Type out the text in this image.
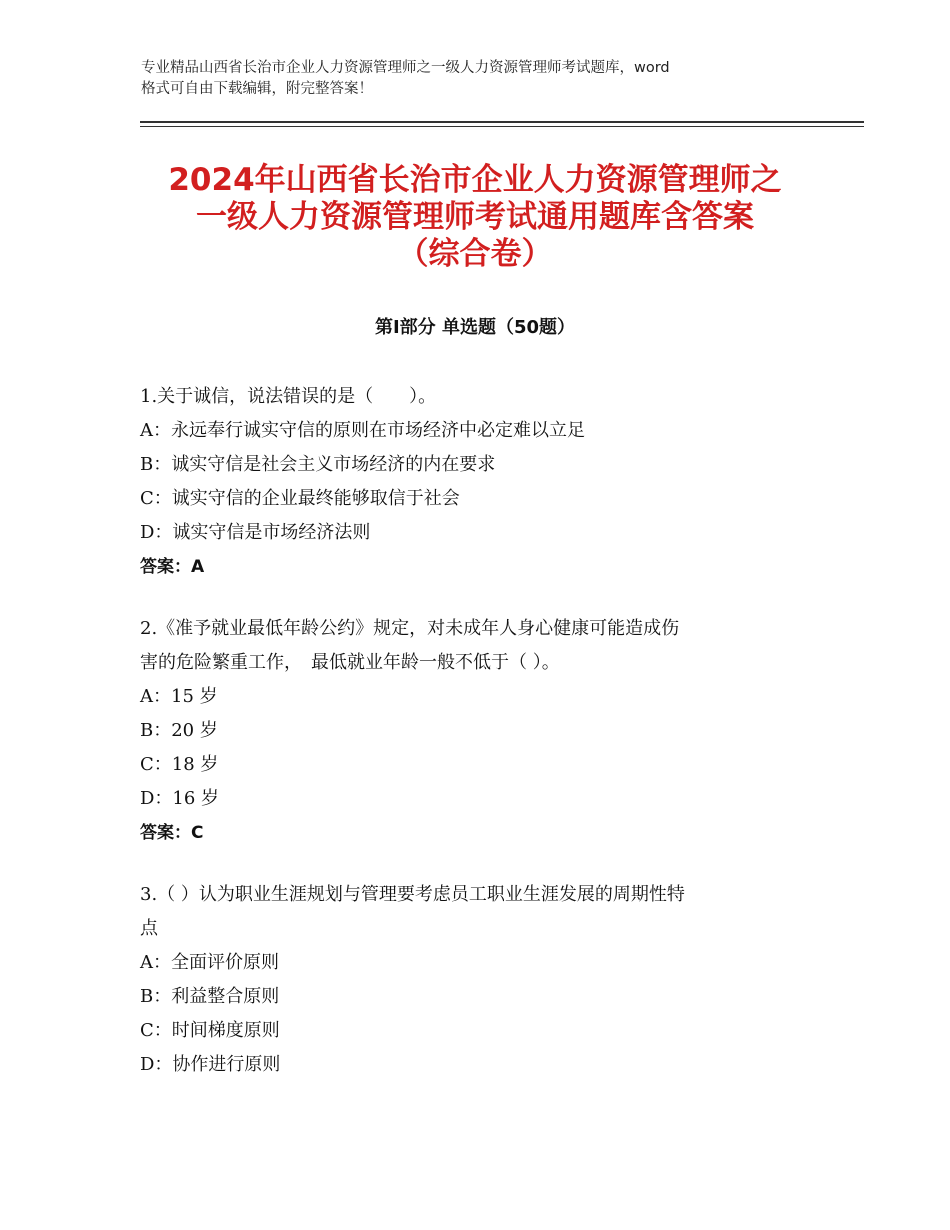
专业精品山西省长治市企业人力资源管理师之一级人力资源管理师考试题库，word
格式可自由下载编辑，附完整答案！
2024年山西省长治市企业人力资源管理师之
一级人力资源管理师考试通用题库含答案
（综合卷）
第Ⅰ部分 单选题（50题）

1.关于诚信，说法错误的是（　　）。

A：永远奉行诚实守信的原则在市场经济中必定难以立足

B：诚实守信是社会主义市场经济的内在要求

C：诚实守信的企业最终能够取信于社会

D：诚实守信是市场经济法则

答案：A

2.《准予就业最低年龄公约》规定，对未成年人身心健康可能造成伤

害的危险繁重工作，　最低就业年龄一般不低于（ ）。

A：15 岁

B：20 岁

C：18 岁

D：16 岁

答案：C

3.（ ）认为职业生涯规划与管理要考虑员工职业生涯发展的周期性特

点

A：全面评价原则

B：利益整合原则

C：时间梯度原则

D：协作进行原则
